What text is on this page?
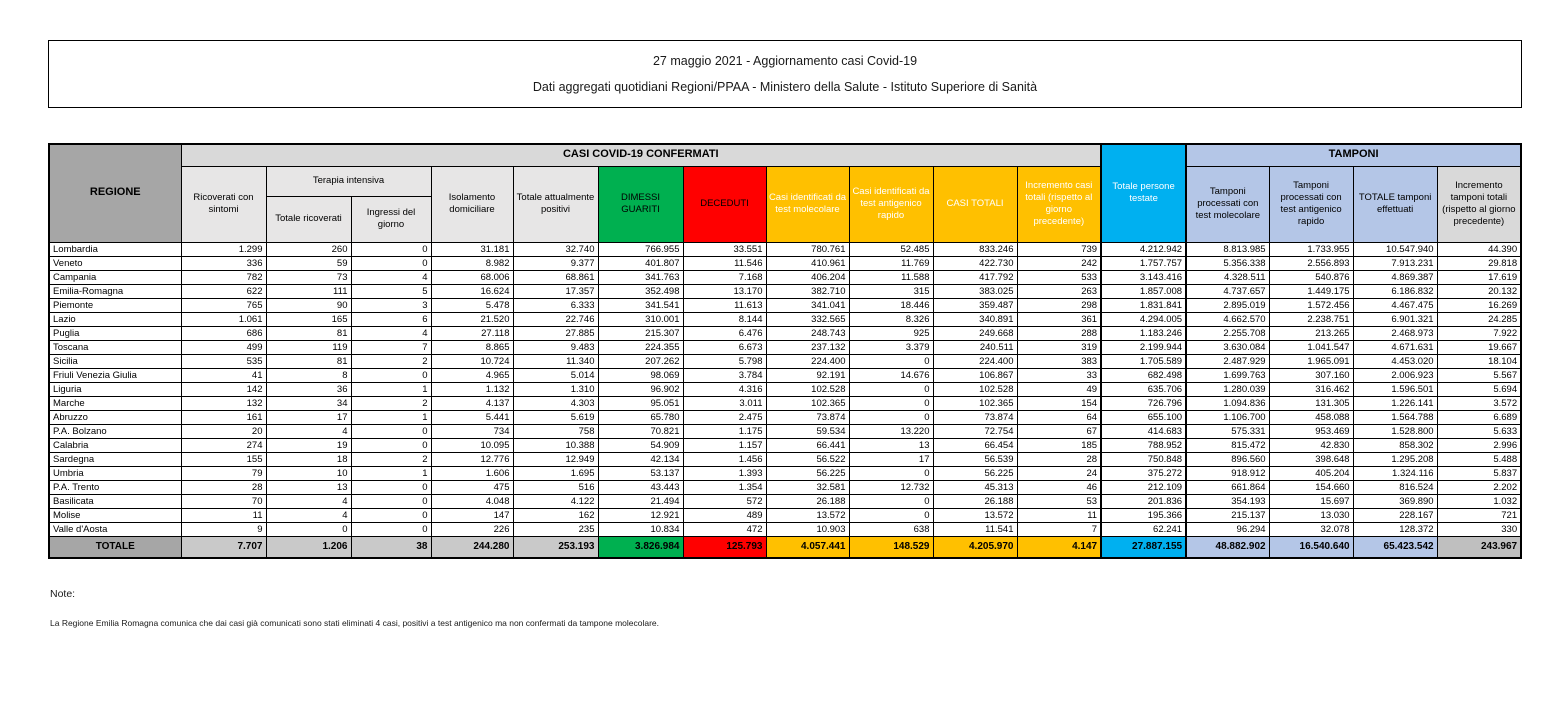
27 maggio 2021 - Aggiornamento casi Covid-19
Dati aggregati quotidiani Regioni/PPAA - Ministero della Salute - Istituto Superiore di Sanità
REGIONE	CASI COVID-19 CONFERMATI											Totale persone testate	TAMPONI			
	Ricoverati con sintomi	Terapia intensiva		Isolamento domiciliare	Totale attualmente positivi	DIMESSI GUARITI	DECEDUTI	Casi identificati da test molecolare	Casi identificati da test antigenico rapido	CASI TOTALI	Incremento casi totali (rispetto al giorno precedente)		Tamponi processati con test molecolare	Tamponi processati con test antigenico rapido	TOTALE tamponi effettuati	Incremento tamponi totali (rispetto al giorno precedente)
		Totale ricoverati	Ingressi del giorno													
Lombardia	1.299	260	0	31.181	32.740	766.955	33.551	780.761	52.485	833.246	739	4.212.942	8.813.985	1.733.955	10.547.940	44.390
Veneto	336	59	0	8.982	9.377	401.807	11.546	410.961	11.769	422.730	242	1.757.757	5.356.338	2.556.893	7.913.231	29.818
Campania	782	73	4	68.006	68.861	341.763	7.168	406.204	11.588	417.792	533	3.143.416	4.328.511	540.876	4.869.387	17.619
Emilia-Romagna	622	111	5	16.624	17.357	352.498	13.170	382.710	315	383.025	263	1.857.008	4.737.657	1.449.175	6.186.832	20.132
Piemonte	765	90	3	5.478	6.333	341.541	11.613	341.041	18.446	359.487	298	1.831.841	2.895.019	1.572.456	4.467.475	16.269
Lazio	1.061	165	6	21.520	22.746	310.001	8.144	332.565	8.326	340.891	361	4.294.005	4.662.570	2.238.751	6.901.321	24.285
Puglia	686	81	4	27.118	27.885	215.307	6.476	248.743	925	249.668	288	1.183.246	2.255.708	213.265	2.468.973	7.922
Toscana	499	119	7	8.865	9.483	224.355	6.673	237.132	3.379	240.511	319	2.199.944	3.630.084	1.041.547	4.671.631	19.667
Sicilia	535	81	2	10.724	11.340	207.262	5.798	224.400	0	224.400	383	1.705.589	2.487.929	1.965.091	4.453.020	18.104
Friuli Venezia Giulia	41	8	0	4.965	5.014	98.069	3.784	92.191	14.676	106.867	33	682.498	1.699.763	307.160	2.006.923	5.567
Liguria	142	36	1	1.132	1.310	96.902	4.316	102.528	0	102.528	49	635.706	1.280.039	316.462	1.596.501	5.694
Marche	132	34	2	4.137	4.303	95.051	3.011	102.365	0	102.365	154	726.796	1.094.836	131.305	1.226.141	3.572
Abruzzo	161	17	1	5.441	5.619	65.780	2.475	73.874	0	73.874	64	655.100	1.106.700	458.088	1.564.788	6.689
P.A. Bolzano	20	4	0	734	758	70.821	1.175	59.534	13.220	72.754	67	414.683	575.331	953.469	1.528.800	5.633
Calabria	274	19	0	10.095	10.388	54.909	1.157	66.441	13	66.454	185	788.952	815.472	42.830	858.302	2.996
Sardegna	155	18	2	12.776	12.949	42.134	1.456	56.522	17	56.539	28	750.848	896.560	398.648	1.295.208	5.488
Umbria	79	10	1	1.606	1.695	53.137	1.393	56.225	0	56.225	24	375.272	918.912	405.204	1.324.116	5.837
P.A. Trento	28	13	0	475	516	43.443	1.354	32.581	12.732	45.313	46	212.109	661.864	154.660	816.524	2.202
Basilicata	70	4	0	4.048	4.122	21.494	572	26.188	0	26.188	53	201.836	354.193	15.697	369.890	1.032
Molise	11	4	0	147	162	12.921	489	13.572	0	13.572	11	195.366	215.137	13.030	228.167	721
Valle d'Aosta	9	0	0	226	235	10.834	472	10.903	638	11.541	7	62.241	96.294	32.078	128.372	330
TOTALE	7.707	1.206	38	244.280	253.193	3.826.984	125.793	4.057.441	148.529	4.205.970	4.147	27.887.155	48.882.902	16.540.640	65.423.542	243.967
Note:
La Regione Emilia Romagna comunica che dai casi già comunicati sono stati eliminati 4 casi, positivi a test antigenico ma non confermati da tampone molecolare.
